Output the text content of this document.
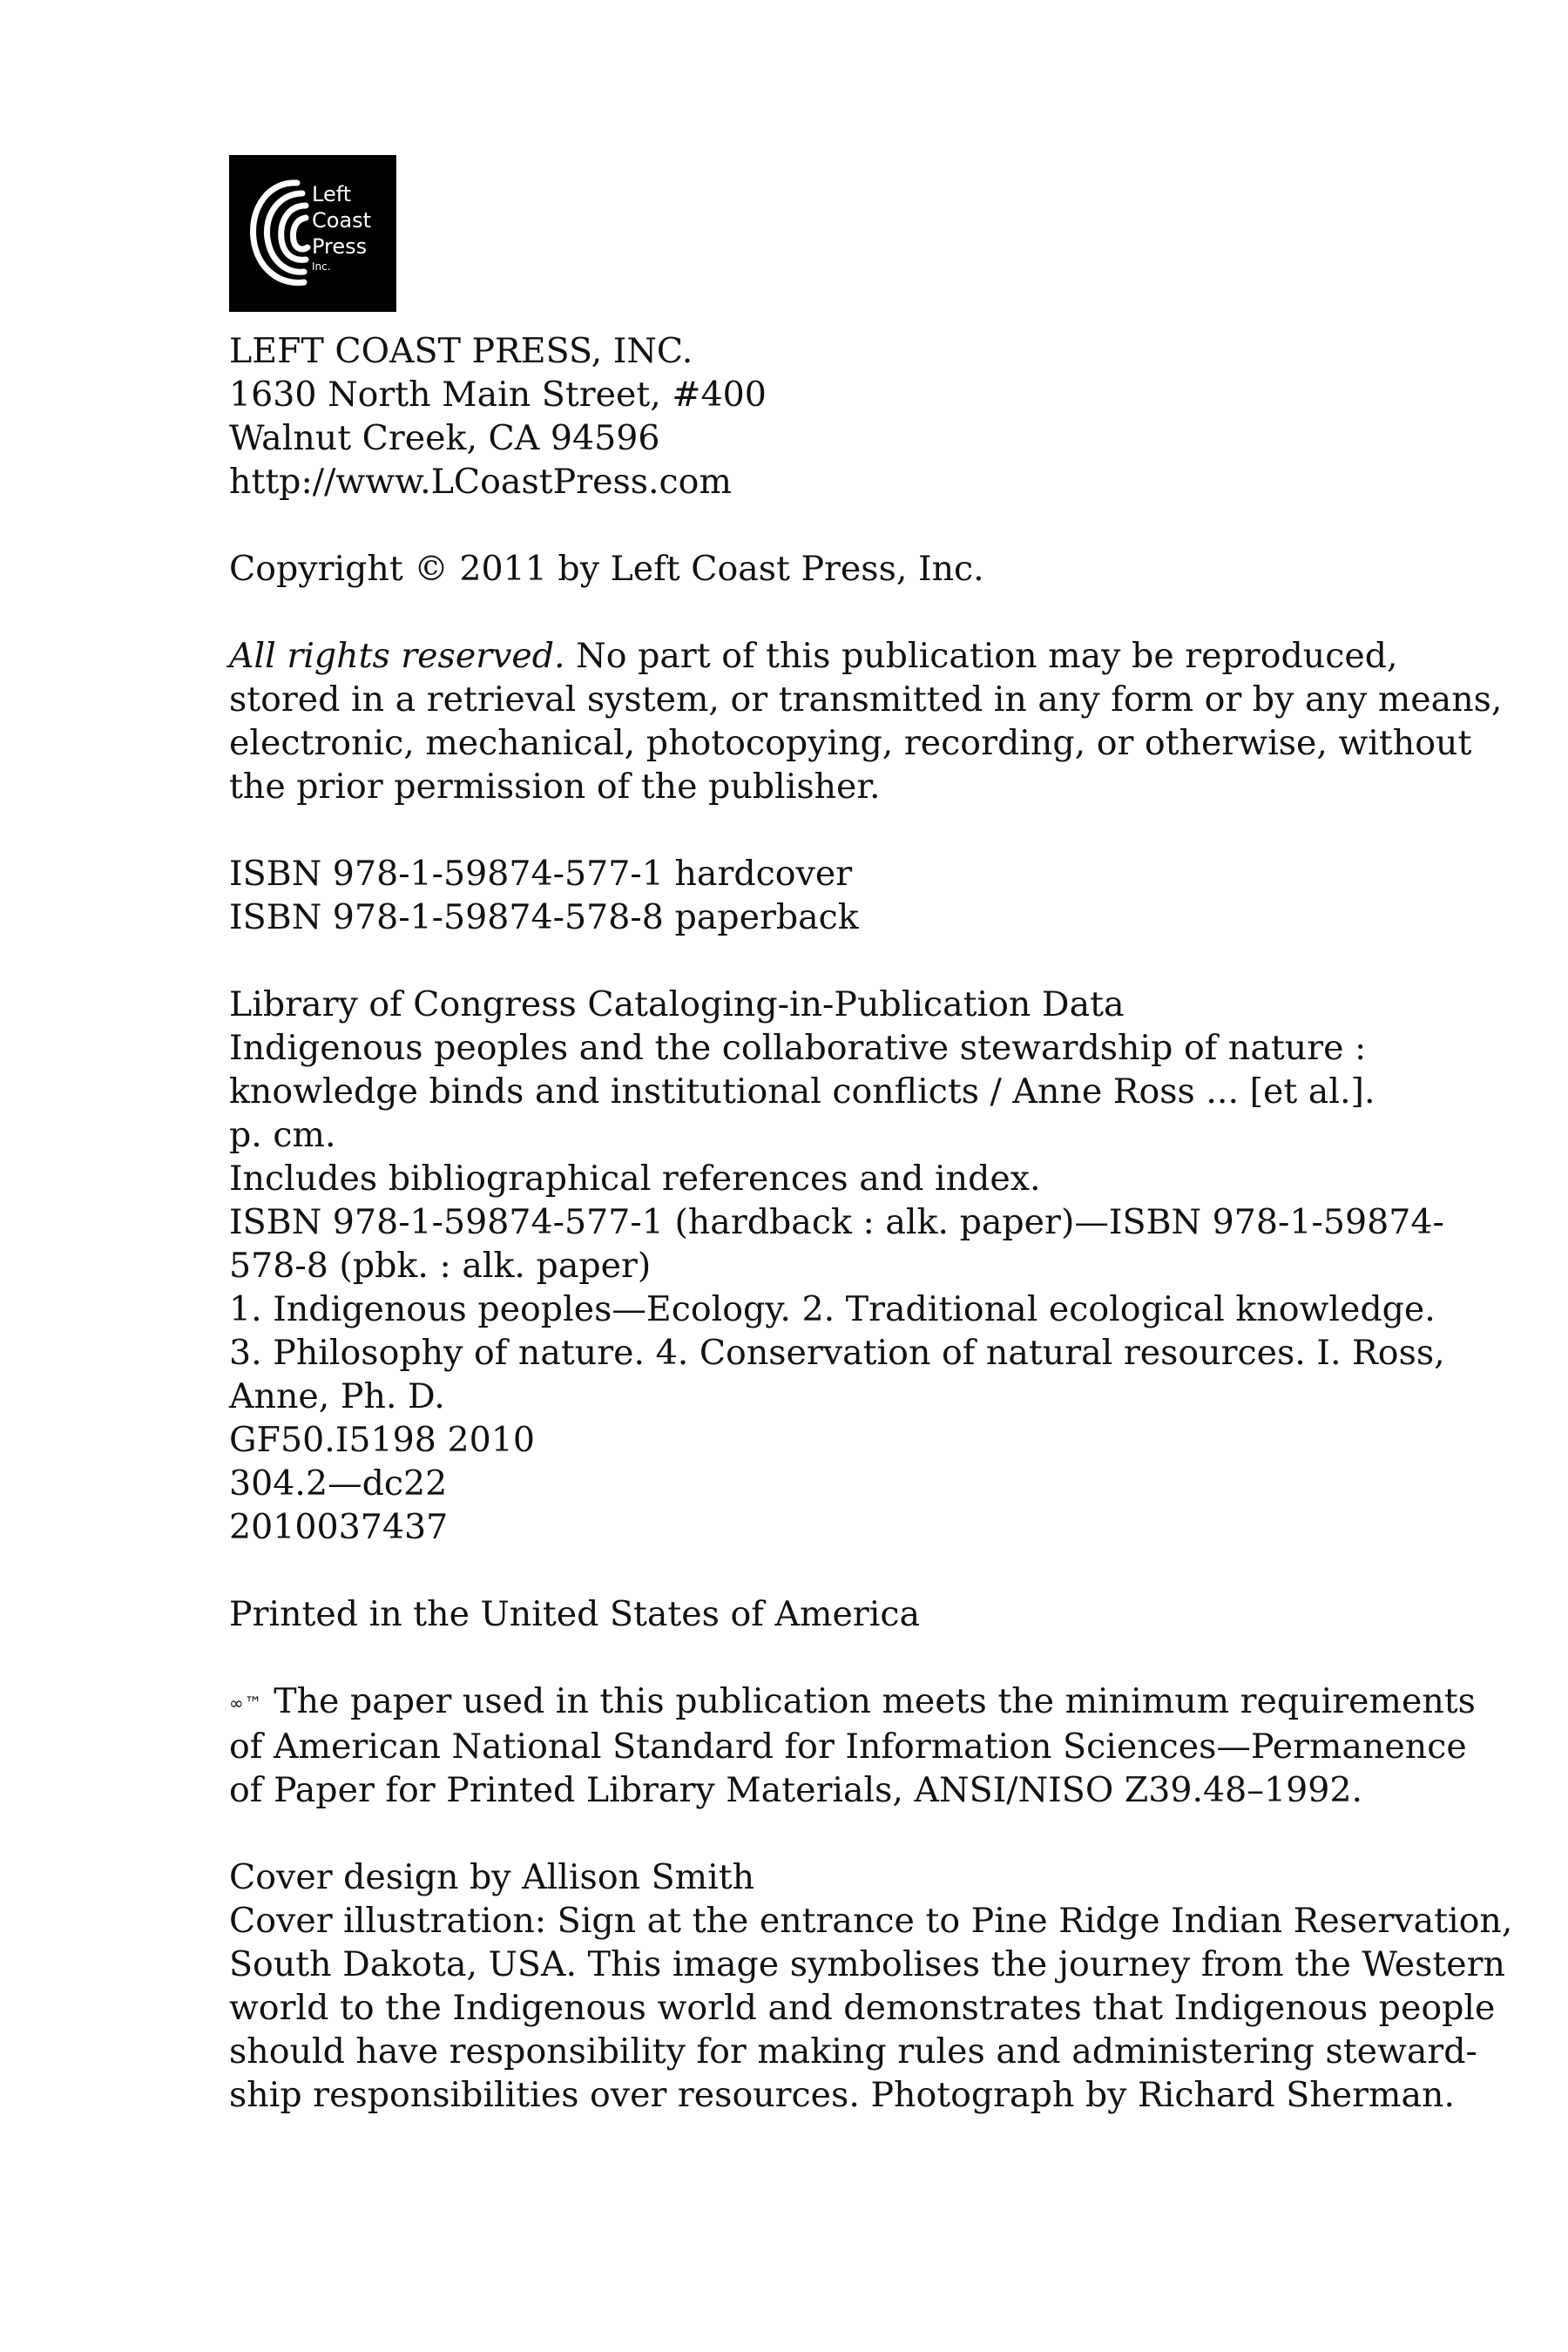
Left
Coast
Press
Inc.
LEFT COAST PRESS, INC.
1630 North Main Street, #400
Walnut Creek, CA 94596
http://www.LCoastPress.com
Copyright © 2011 by Left Coast Press, Inc.
All rights reserved. No part of this publication may be reproduced,
stored in a retrieval system, or transmitted in any form or by any means,
electronic, mechanical, photocopying, recording, or otherwise, without
the prior permission of the publisher.
ISBN 978-1-59874-577-1 hardcover
ISBN 978-1-59874-578-8 paperback
Library of Congress Cataloging-in-Publication Data
Indigenous peoples and the collaborative stewardship of nature :
knowledge binds and institutional conflicts / Anne Ross ... [et al.].
p. cm.
Includes bibliographical references and index.
ISBN 978-1-59874-577-1 (hardback : alk. paper)—ISBN 978-1-59874-
578-8 (pbk. : alk. paper)
1. Indigenous peoples—Ecology. 2. Traditional ecological knowledge.
3. Philosophy of nature. 4. Conservation of natural resources. I. Ross,
Anne, Ph. D.
GF50.I5198 2010
304.2—dc22
2010037437
Printed in the United States of America
∞™ The paper used in this publication meets the minimum requirements
of American National Standard for Information Sciences—Permanence
of Paper for Printed Library Materials, ANSI/NISO Z39.48–1992.
Cover design by Allison Smith
Cover illustration: Sign at the entrance to Pine Ridge Indian Reservation,
South Dakota, USA. This image symbolises the journey from the Western
world to the Indigenous world and demonstrates that Indigenous people
should have responsibility for making rules and administering steward-
ship responsibilities over resources. Photograph by Richard Sherman.
